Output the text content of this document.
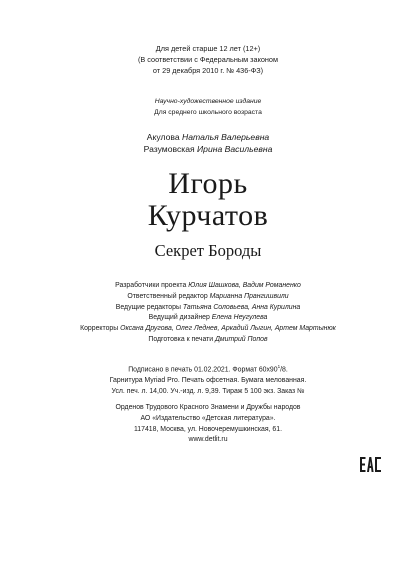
Для детей старше 12 лет (12+)
(В соответствии с Федеральным законом
от 29 декабря 2010 г. № 436-ФЗ)
Научно-художественное издание
Для среднего школьного возраста
Акулова Наталья Валерьевна
Разумовская Ирина Васильевна
Игорь
Курчатов
Секрет Бороды
Разработчики проекта Юлия Шашкова, Вадим Романенко
Ответственный редактор Марианна Прангишвили
Ведущие редакторы Татьяна Соловьева, Анна Курилина
Ведущий дизайнер Елена Неугулева
Корректоры Оксана Другова, Олег Леднев, Аркадий Лыгин, Артем Мартынюк
Подготовка к печати Дмитрий Попов
Подписано в печать 01.02.2021. Формат $60x90^1/8$.
Гарнитура Myriad Pro. Печать офсетная. Бумага мелованная.
Усл. печ. л. 14,00. Уч.-изд. л. 9,39. Тираж 5 100 экз. Заказ №
Орденов Трудового Красного Знамени и Дружбы народов
АО «Издательство «Детская литература».
117418, Москва, ул. Новочеремушкинская, 61.
www.detlit.ru
